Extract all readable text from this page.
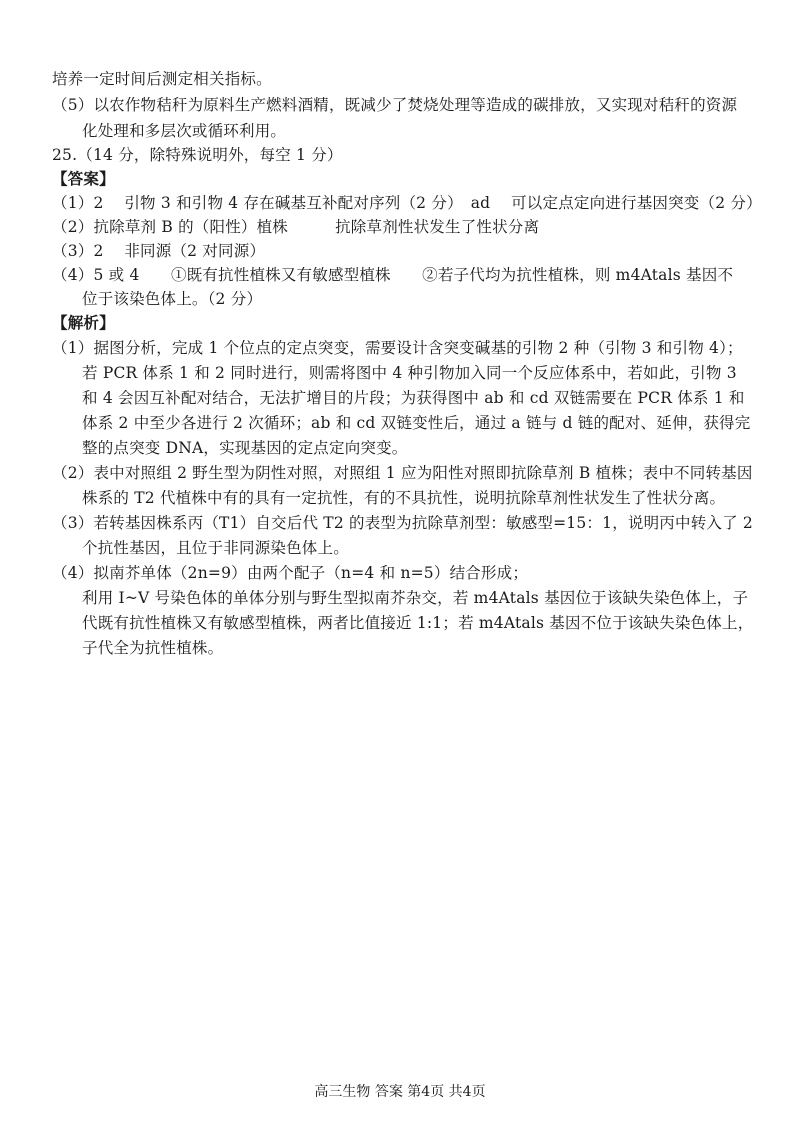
培养一定时间后测定相关指标。
（5）以农作物秸秆为原料生产燃料酒精，既减少了焚烧处理等造成的碳排放，又实现对秸秆的资源
化处理和多层次或循环利用。
25.（14 分，除特殊说明外，每空 1 分）
【答案】
（1）2　 引物 3 和引物 4 存在碱基互补配对序列（2 分）　ad　 可以定点定向进行基因突变（2 分）
（2）抗除草剂 B 的（阳性）植株　　　抗除草剂性状发生了性状分离
（3）2　 非同源（2 对同源）
（4）5 或 4　　①既有抗性植株又有敏感型植株　　②若子代均为抗性植株，则 m4Atals 基因不
位于该染色体上。（2 分）
【解析】
（1）据图分析，完成 1 个位点的定点突变，需要设计含突变碱基的引物 2 种（引物 3 和引物 4）；
若 PCR 体系 1 和 2 同时进行，则需将图中 4 种引物加入同一个反应体系中，若如此，引物 3
和 4 会因互补配对结合，无法扩增目的片段；为获得图中 ab 和 cd 双链需要在 PCR 体系 1 和
体系 2 中至少各进行 2 次循环；ab 和 cd 双链变性后，通过 a 链与 d 链的配对、延伸，获得完
整的点突变 DNA，实现基因的定点定向突变。
（2）表中对照组 2 野生型为阴性对照，对照组 1 应为阳性对照即抗除草剂 B 植株；表中不同转基因
株系的 T2 代植株中有的具有一定抗性，有的不具抗性，说明抗除草剂性状发生了性状分离。
（3）若转基因株系丙（T1）自交后代 T2 的表型为抗除草剂型：敏感型=15：1，说明丙中转入了 2
个抗性基因，且位于非同源染色体上。
（4）拟南芥单体（2n=9）由两个配子（n=4 和 n=5）结合形成；
利用 I~V 号染色体的单体分别与野生型拟南芥杂交，若 m4Atals 基因位于该缺失染色体上，子
代既有抗性植株又有敏感型植株，两者比值接近 1:1；若 m4Atals 基因不位于该缺失染色体上，
子代全为抗性植株。
高三生物 答案 第4页 共4页
